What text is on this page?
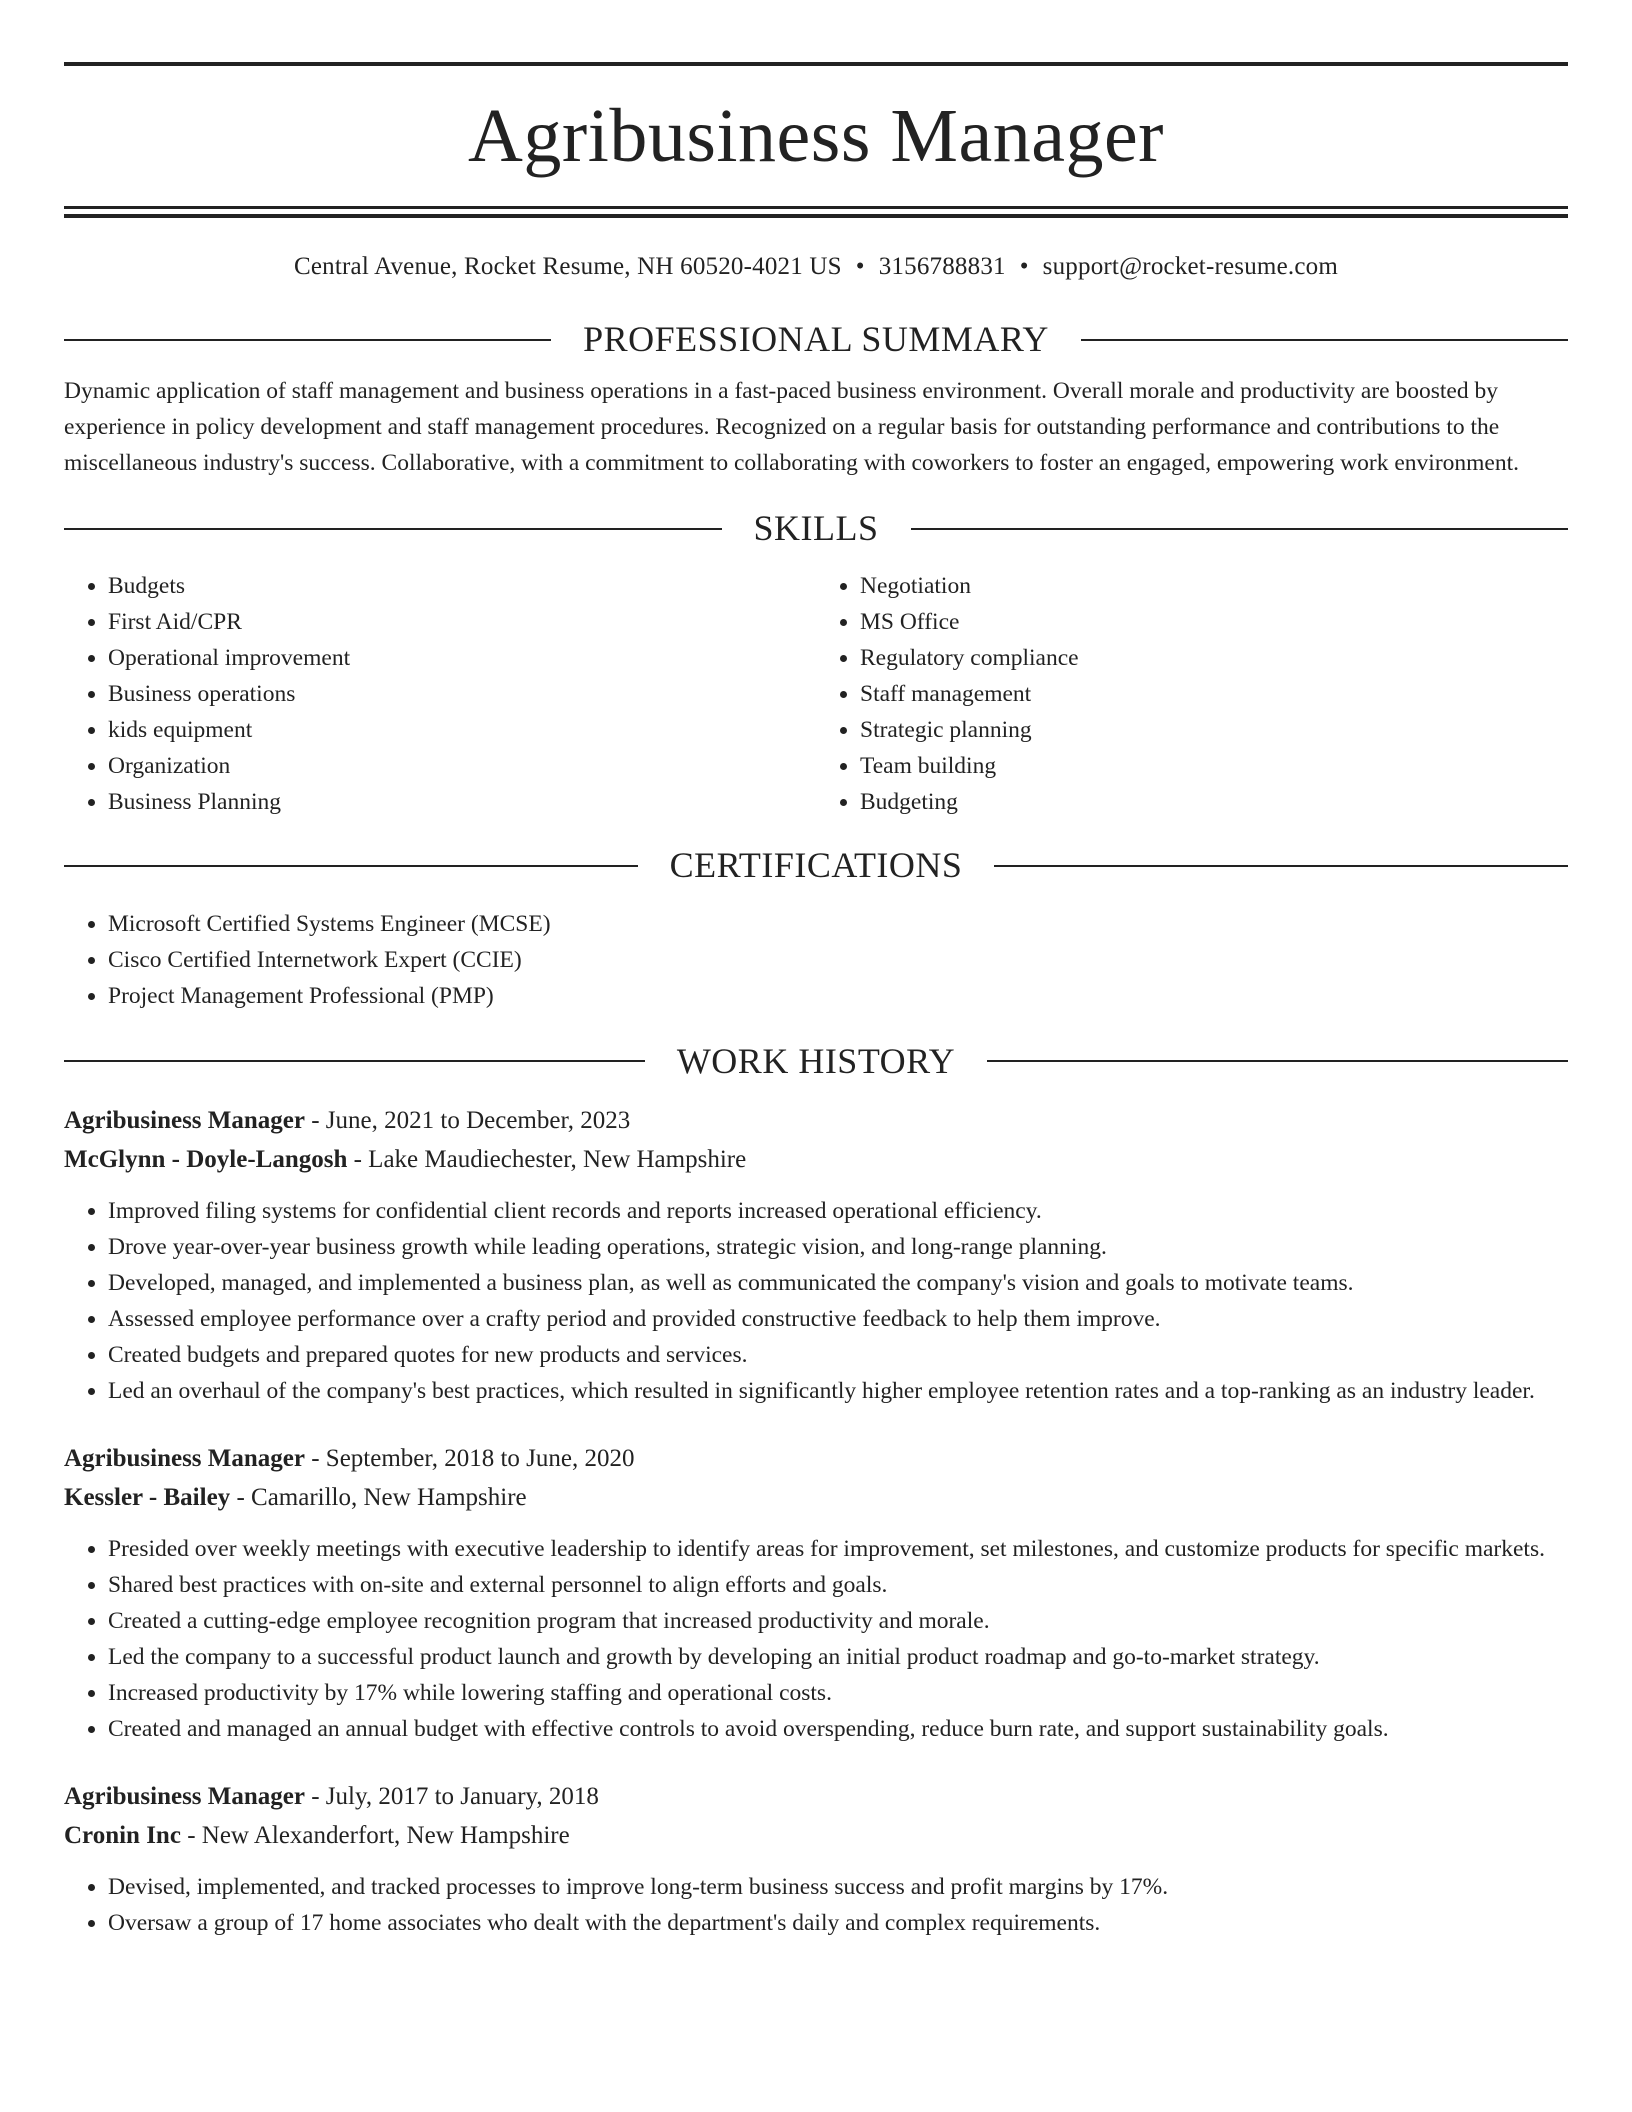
Agribusiness Manager
Central Avenue, Rocket Resume, NH 60520-4021 US • 3156788831 • support@rocket-resume.com
PROFESSIONAL SUMMARY
Dynamic application of staff management and business operations in a fast-paced business environment. Overall morale and productivity are boosted by experience in policy development and staff management procedures. Recognized on a regular basis for outstanding performance and contributions to the miscellaneous industry's success. Collaborative, with a commitment to collaborating with coworkers to foster an engaged, empowering work environment.
SKILLS
• Budgets
• First Aid/CPR
• Operational improvement
• Business operations
• kids equipment
• Organization
• Business Planning
• Negotiation
• MS Office
• Regulatory compliance
• Staff management
• Strategic planning
• Team building
• Budgeting
CERTIFICATIONS
• Microsoft Certified Systems Engineer (MCSE)
• Cisco Certified Internetwork Expert (CCIE)
• Project Management Professional (PMP)
WORK HISTORY
Agribusiness Manager - June, 2021 to December, 2023
McGlynn - Doyle-Langosh - Lake Maudiechester, New Hampshire
• Improved filing systems for confidential client records and reports increased operational efficiency.
• Drove year-over-year business growth while leading operations, strategic vision, and long-range planning.
• Developed, managed, and implemented a business plan, as well as communicated the company's vision and goals to motivate teams.
• Assessed employee performance over a crafty period and provided constructive feedback to help them improve.
• Created budgets and prepared quotes for new products and services.
• Led an overhaul of the company's best practices, which resulted in significantly higher employee retention rates and a top-ranking as an industry leader.
Agribusiness Manager - September, 2018 to June, 2020
Kessler - Bailey - Camarillo, New Hampshire
• Presided over weekly meetings with executive leadership to identify areas for improvement, set milestones, and customize products for specific markets.
• Shared best practices with on-site and external personnel to align efforts and goals.
• Created a cutting-edge employee recognition program that increased productivity and morale.
• Led the company to a successful product launch and growth by developing an initial product roadmap and go-to-market strategy.
• Increased productivity by 17% while lowering staffing and operational costs.
• Created and managed an annual budget with effective controls to avoid overspending, reduce burn rate, and support sustainability goals.
Agribusiness Manager - July, 2017 to January, 2018
Cronin Inc - New Alexanderfort, New Hampshire
• Devised, implemented, and tracked processes to improve long-term business success and profit margins by 17%.
• Oversaw a group of 17 home associates who dealt with the department's daily and complex requirements.
